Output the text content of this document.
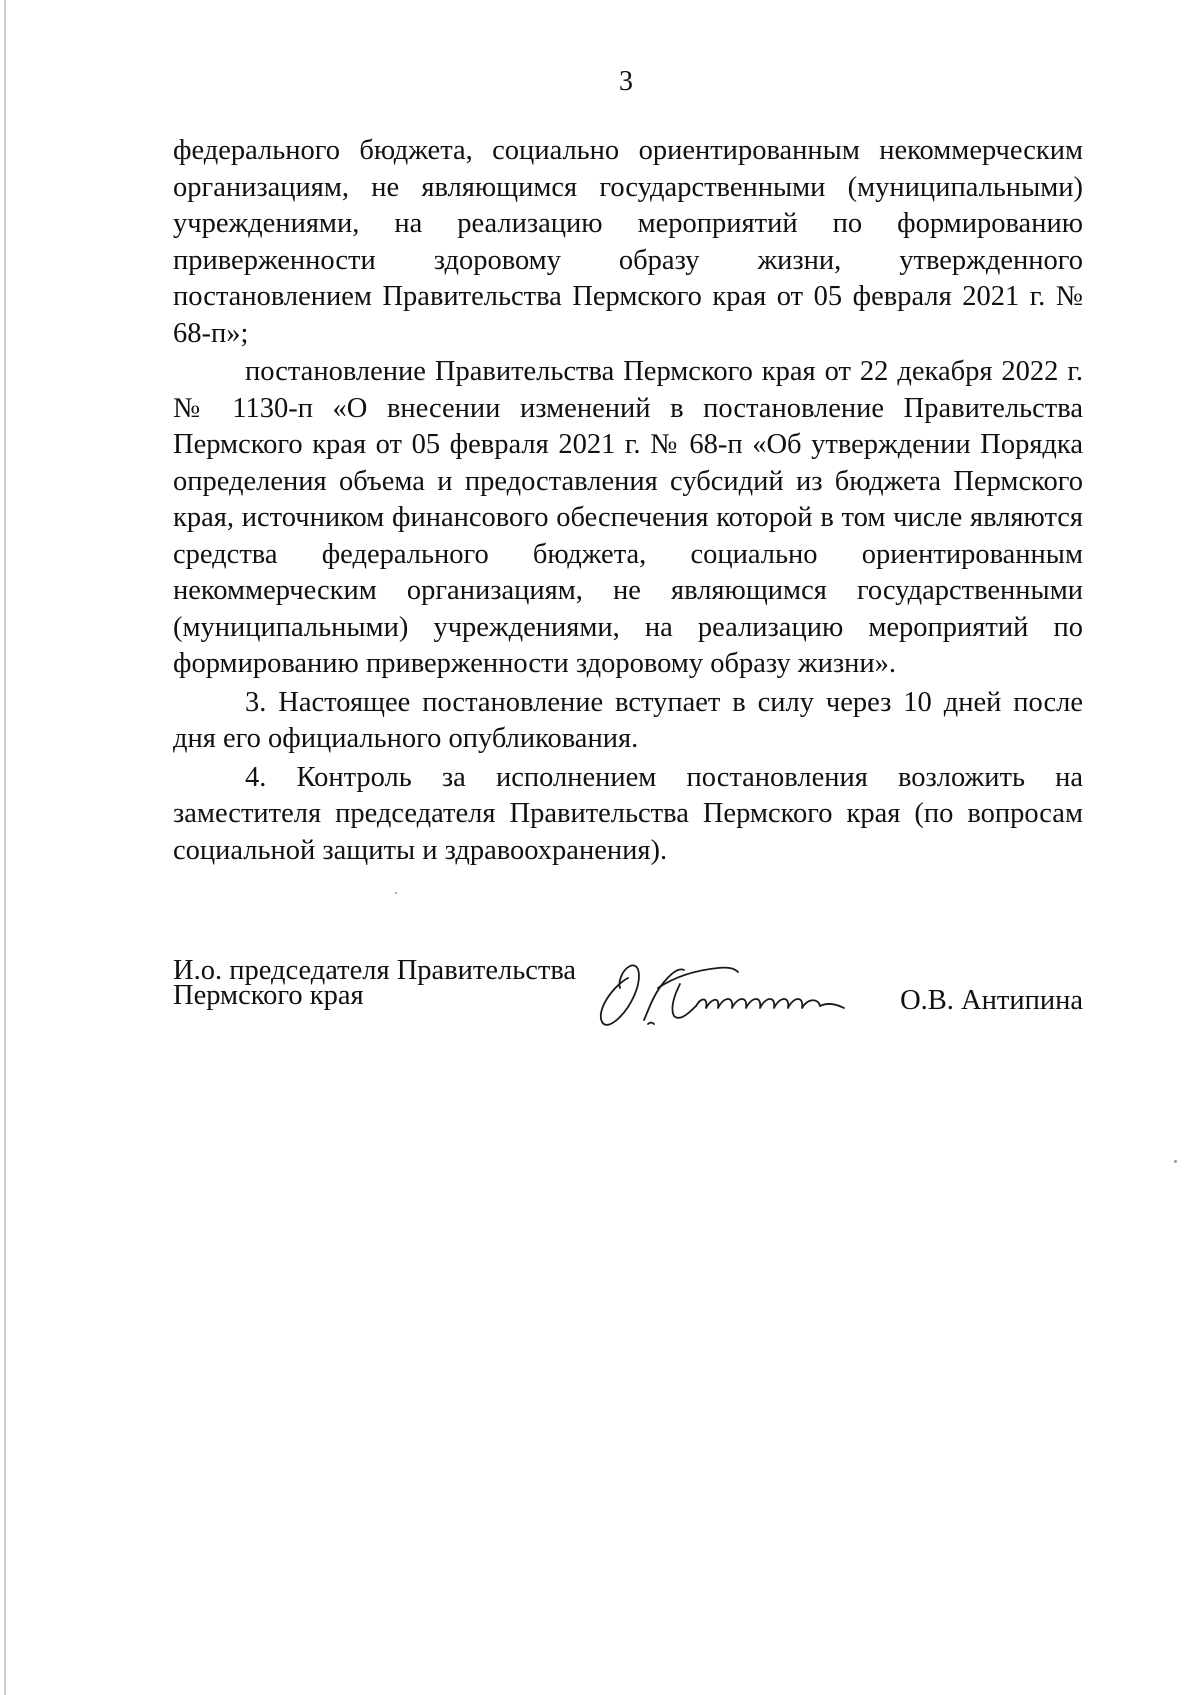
3

федерального бюджета, социально ориентированным некоммерческим организациям, не являющимся государственными (муниципальными) учреждениями, на реализацию мероприятий по формированию приверженности здоровому образу жизни, утвержденного постановлением Правительства Пермского края от 05 февраля 2021 г. № 68-п»;

постановление Правительства Пермского края от 22 декабря 2022 г. № 1130-п «О внесении изменений в постановление Правительства Пермского края от 05 февраля 2021 г. № 68-п «Об утверждении Порядка определения объема и предоставления субсидий из бюджета Пермского края, источником финансового обеспечения которой в том числе являются средства федерального бюджета, социально ориентированным некоммерческим организациям, не являющимся государственными (муниципальными) учреждениями, на реализацию мероприятий по формированию приверженности здоровому образу жизни».

3. Настоящее постановление вступает в силу через 10 дней после дня его официального опубликования.

4. Контроль за исполнением постановления возложить на заместителя председателя Правительства Пермского края (по вопросам социальной защиты и здравоохранения).

И.о. председателя Правительства
Пермского края	О.В. Антипина
